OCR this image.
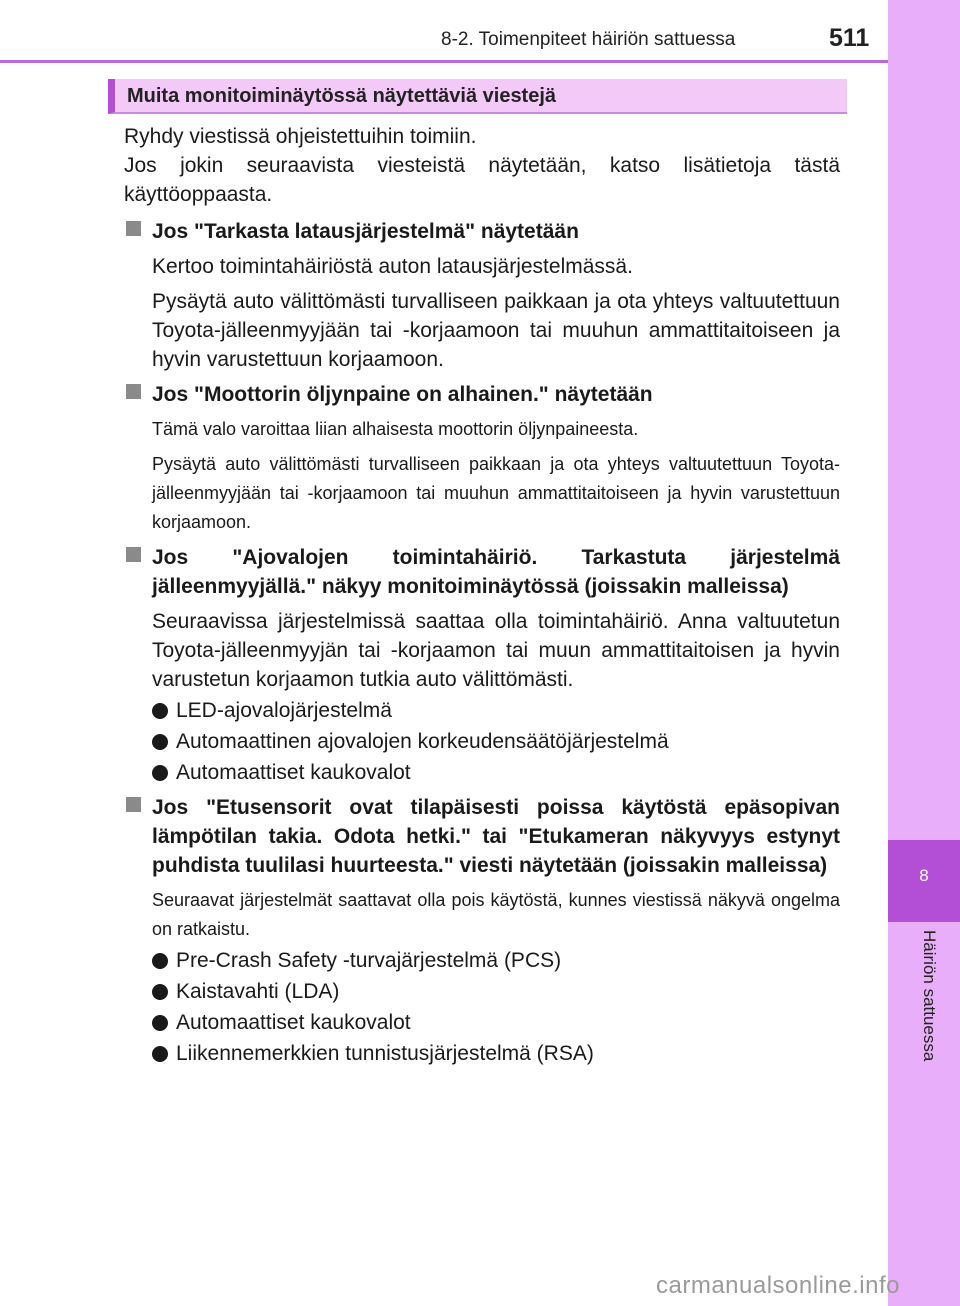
8-2. Toimenpiteet häiriön sattuessa	511
8
Häiriön sattuessa
Muita monitoiminäytössä näytettäviä viestejä
Ryhdy viestissä ohjeistettuihin toimiin.
Jos jokin seuraavista viesteistä näytetään, katso lisätietoja tästä käyttöoppaasta.
Jos "Tarkasta latausjärjestelmä" näytetään

Kertoo toimintahäiriöstä auton latausjärjestelmässä.

Pysäytä auto välittömästi turvalliseen paikkaan ja ota yhteys valtuutettuun Toyota-jälleenmyyjään tai -korjaamoon tai muuhun ammattitaitoiseen ja hyvin varustettuun korjaamoon.

Jos "Moottorin öljynpaine on alhainen." näytetään

Tämä valo varoittaa liian alhaisesta moottorin öljynpaineesta.

Pysäytä auto välittömästi turvalliseen paikkaan ja ota yhteys valtuutettuun Toyota-jälleenmyyjään tai -korjaamoon tai muuhun ammattitaitoiseen ja hyvin varustettuun korjaamoon.

Jos "Ajovalojen toimintahäiriö. Tarkastuta järjestelmä jälleenmyyjällä." näkyy monitoiminäytössä (joissakin malleissa)

Seuraavissa järjestelmissä saattaa olla toimintahäiriö. Anna valtuutetun Toyota-jälleenmyyjän tai -korjaamon tai muun ammattitaitoisen ja hyvin varustetun korjaamon tutkia auto välittömästi.

LED-ajovalojärjestelmä
Automaattinen ajovalojen korkeudensäätöjärjestelmä
Automaattiset kaukovalot
Jos "Etusensorit ovat tilapäisesti poissa käytöstä epäsopivan lämpötilan takia. Odota hetki." tai "Etukameran näkyvyys estynyt puhdista tuulilasi huurteesta." viesti näytetään (joissakin malleissa)

Seuraavat järjestelmät saattavat olla pois käytöstä, kunnes viestissä näkyvä ongelma on ratkaistu.

Pre-Crash Safety -turvajärjestelmä (PCS)
Kaistavahti (LDA)
Automaattiset kaukovalot
Liikennemerkkien tunnistusjärjestelmä (RSA)
carmanualsonline.info
